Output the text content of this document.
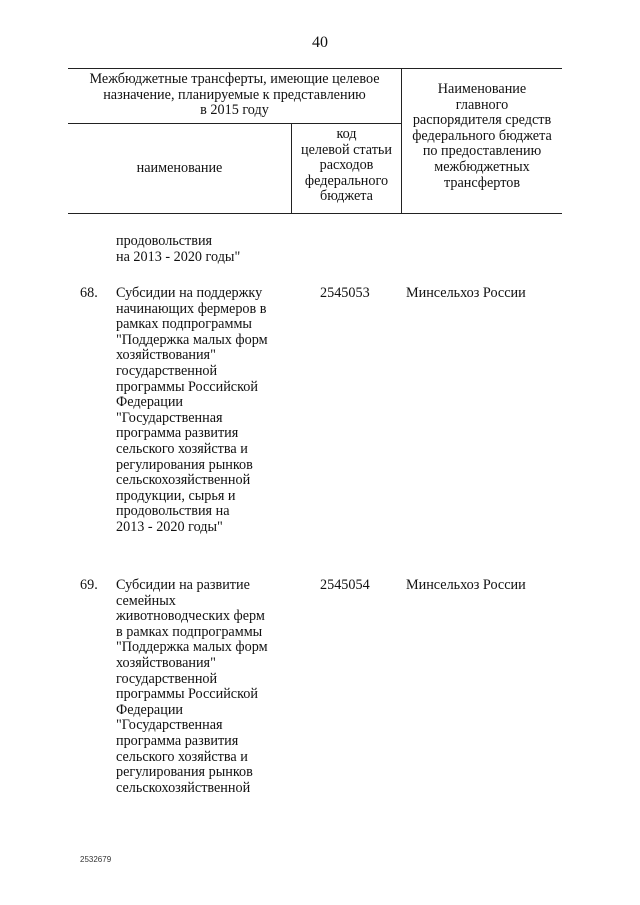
40
Межбюджетные трансферты, имеющие целевое
назначение, планируемые к представлению
в 2015 году
наименование
код
целевой статьи
расходов
федерального
бюджета
Наименование
главного
распорядителя средств
федерального бюджета
по предоставлению
межбюджетных
трансфертов
продовольствия
на 2013 - 2020 годы"
68. Субсидии на поддержку
начинающих фермеров в
рамках подпрограммы
"Поддержка малых форм
хозяйствования"
государственной
программы Российской
Федерации
"Государственная
программа развития
сельского хозяйства и
регулирования рынков
сельскохозяйственной
продукции, сырья и
продовольствия на
2013 - 2020 годы"
2545053	Минсельхоз России
69. Субсидии на развитие
семейных
животноводческих ферм
в рамках подпрограммы
"Поддержка малых форм
хозяйствования"
государственной
программы Российской
Федерации
"Государственная
программа развития
сельского хозяйства и
регулирования рынков
сельскохозяйственной
2545054	Минсельхоз России
2532679
